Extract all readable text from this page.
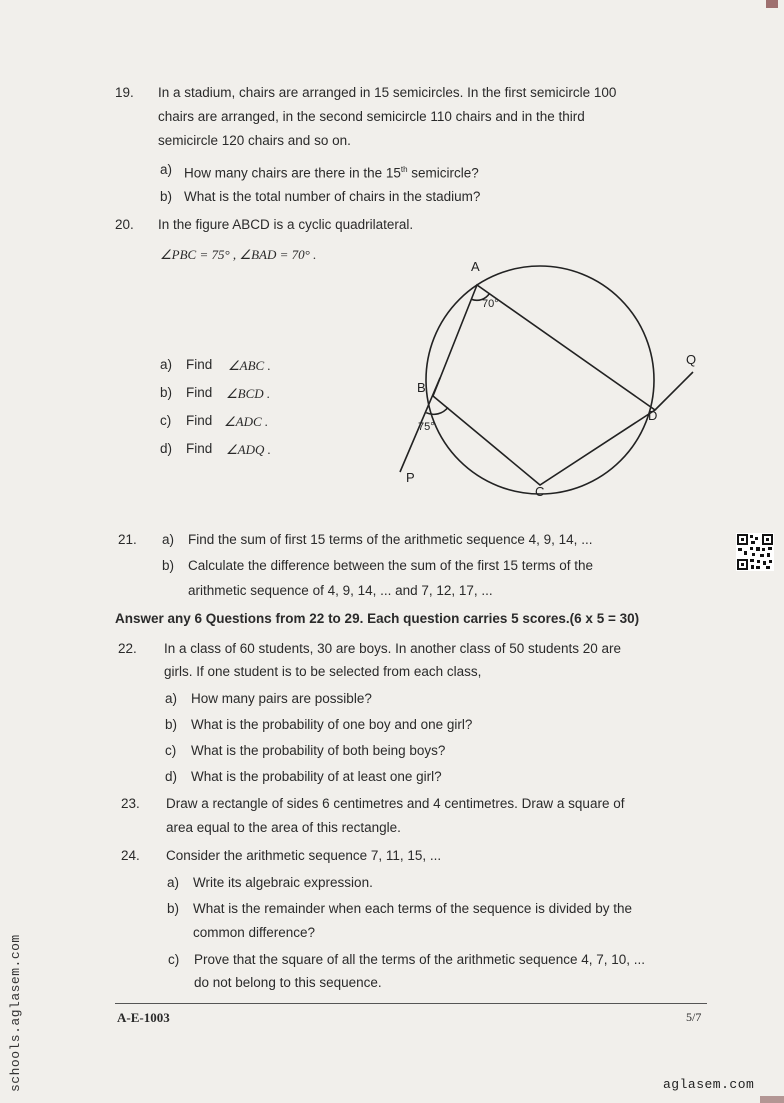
19. In a stadium, chairs are arranged in 15 semicircles. In the first semicircle 100
chairs are arranged, in the second semicircle 110 chairs and in the third
semicircle 120 chairs and so on.
a) How many chairs are there in the 15th semicircle?
b) What is the total number of chairs in the stadium?
20. In the figure ABCD is a cyclic quadrilateral.
∠PBC = 75° , ∠BAD = 70° .
a) Find ∠ABC .
b) Find ∠BCD .
c) Find ∠ADC .
d) Find ∠ADQ .
A
B
C
D
P
Q
70°
75°
21. a) Find the sum of first 15 terms of the arithmetic sequence 4, 9, 14, ...
b) Calculate the difference between the sum of the first 15 terms of the
arithmetic sequence of 4, 9, 14, ... and 7, 12, 17, ...
Answer any 6 Questions from 22 to 29. Each question carries 5 scores.(6 x 5 = 30)
22. In a class of 60 students, 30 are boys. In another class of 50 students 20 are
girls. If one student is to be selected from each class,
a) How many pairs are possible?
b) What is the probability of one boy and one girl?
c) What is the probability of both being boys?
d) What is the probability of at least one girl?
23. Draw a rectangle of sides 6 centimetres and 4 centimetres. Draw a square of
area equal to the area of this rectangle.
24. Consider the arithmetic sequence 7, 11, 15, ...
a) Write its algebraic expression.
b) What is the remainder when each terms of the sequence is divided by the
common difference?
c) Prove that the square of all the terms of the arithmetic sequence 4, 7, 10, ...
do not belong to this sequence.
A-E-1003	5/7
schools.aglasem.com	aglasem.com
